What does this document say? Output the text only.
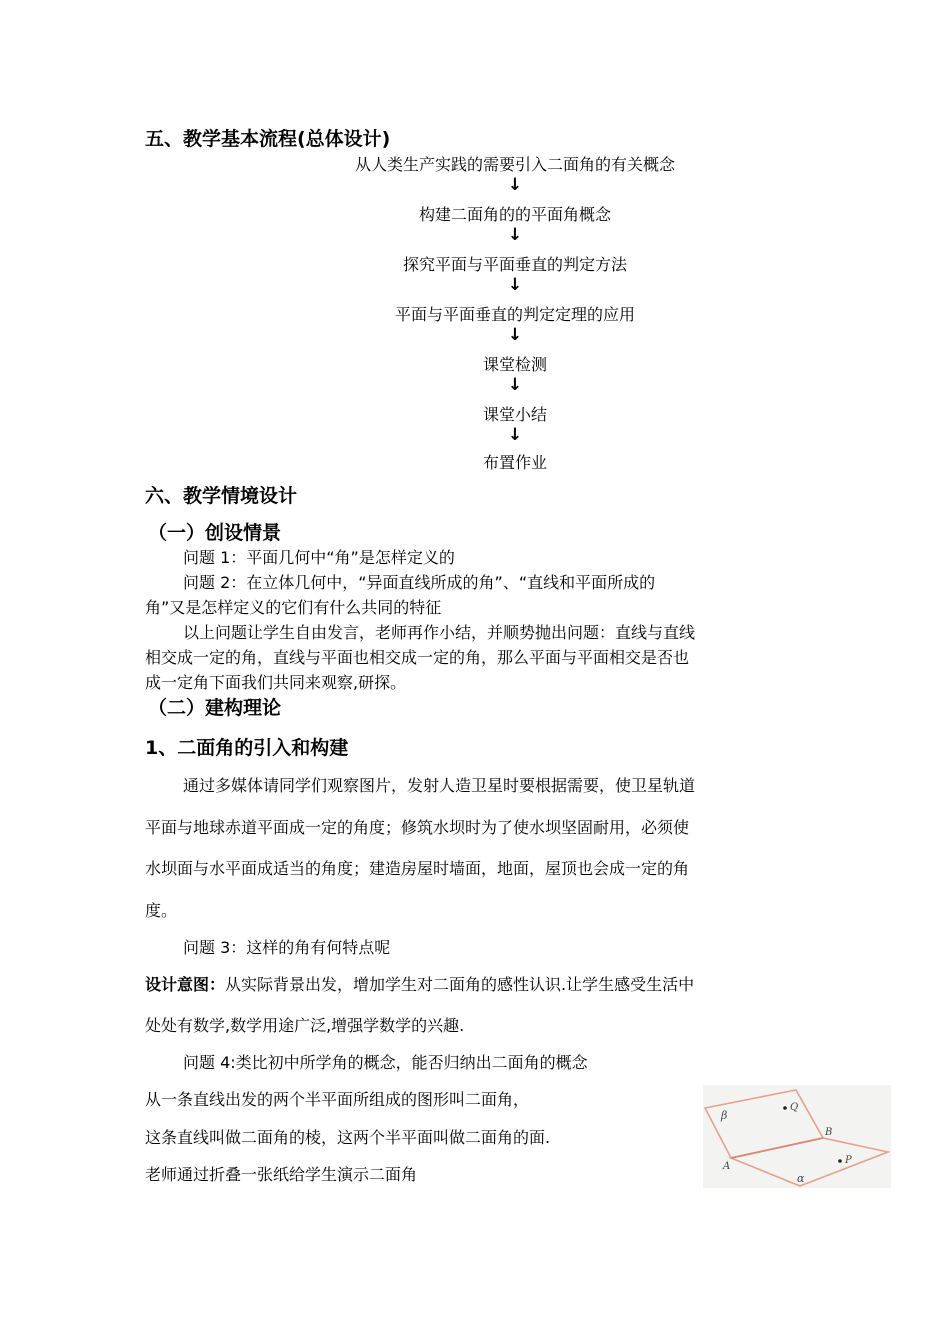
五、教学基本流程(总体设计)
从人类生产实践的需要引入二面角的有关概念
↓
构建二面角的的平面角概念
↓
探究平面与平面垂直的判定方法
↓
平面与平面垂直的判定定理的应用
↓
课堂检测
↓
课堂小结
↓
布置作业
六、教学情境设计
（一）创设情景
问题 1：平面几何中“角”是怎样定义的
问题 2：在立体几何中，“异面直线所成的角”、“直线和平面所成的
角”又是怎样定义的它们有什么共同的特征
以上问题让学生自由发言，老师再作小结，并顺势抛出问题：直线与直线
相交成一定的角，直线与平面也相交成一定的角，那么平面与平面相交是否也
成一定角下面我们共同来观察,研探。
（二）建构理论
1、二面角的引入和构建
通过多媒体请同学们观察图片，发射人造卫星时要根据需要，使卫星轨道
平面与地球赤道平面成一定的角度；修筑水坝时为了使水坝坚固耐用，必须使
水坝面与水平面成适当的角度；建造房屋时墙面，地面，屋顶也会成一定的角
度。
问题 3：这样的角有何特点呢
设计意图：从实际背景出发，增加学生对二面角的感性认识.让学生感受生活中
处处有数学,数学用途广泛,增强学数学的兴趣.
问题 4:类比初中所学角的概念，能否归纳出二面角的概念
从一条直线出发的两个半平面所组成的图形叫二面角，
这条直线叫做二面角的棱，这两个半平面叫做二面角的面.
老师通过折叠一张纸给学生演示二面角
β
Q
B
A
P
α
